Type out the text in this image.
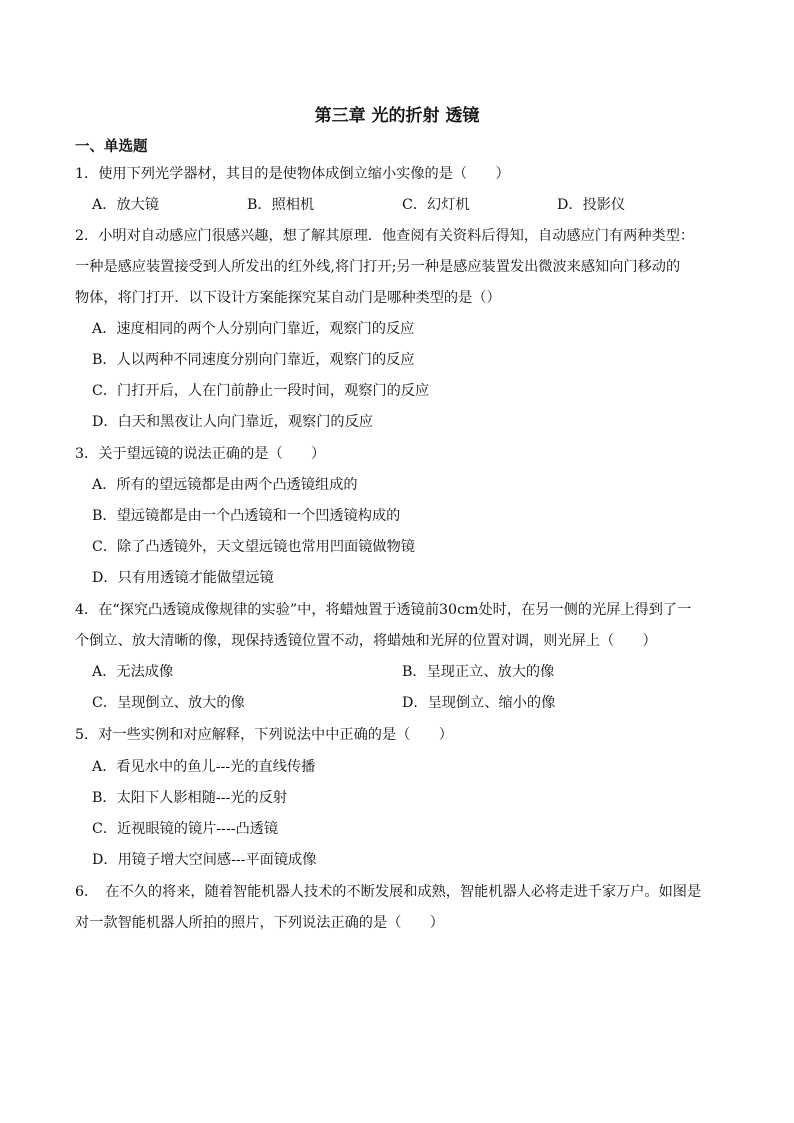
第三章 光的折射 透镜
一、单选题
1．使用下列光学器材，其目的是使物体成倒立缩小实像的是（　　）
A．放大镜	B．照相机	C．幻灯机	D．投影仪
2．小明对自动感应门很感兴趣，想了解其原理．他查阅有关资料后得知，自动感应门有两种类型：
一种是感应装置接受到人所发出的红外线,将门打开;另一种是感应装置发出微波来感知向门移动的
物体，将门打开．以下设计方案能探究某自动门是哪种类型的是（）
A．速度相同的两个人分别向门靠近，观察门的反应
B．人以两种不同速度分别向门靠近，观察门的反应
C．门打开后，人在门前静止一段时间，观察门的反应
D．白天和黑夜让人向门靠近，观察门的反应
3．关于望远镜的说法正确的是（　　）
A．所有的望远镜都是由两个凸透镜组成的
B．望远镜都是由一个凸透镜和一个凹透镜构成的
C．除了凸透镜外，天文望远镜也常用凹面镜做物镜
D．只有用透镜才能做望远镜
4．在“探究凸透镜成像规律的实验”中，将蜡烛置于透镜前30cm处时，在另一侧的光屏上得到了一
个倒立、放大清晰的像，现保持透镜位置不动，将蜡烛和光屏的位置对调，则光屏上（　　）
A．无法成像	B．呈现正立、放大的像
C．呈现倒立、放大的像	D．呈现倒立、缩小的像
5．对一些实例和对应解释，下列说法中中正确的是（　　）
A．看见水中的鱼儿---光的直线传播
B．太阳下人影相随---光的反射
C．近视眼镜的镜片----凸透镜
D．用镜子增大空间感---平面镜成像
6．　在不久的将来，随着智能机器人技术的不断发展和成熟，智能机器人必将走进千家万户。如图是
对一款智能机器人所拍的照片，下列说法正确的是（　　）
